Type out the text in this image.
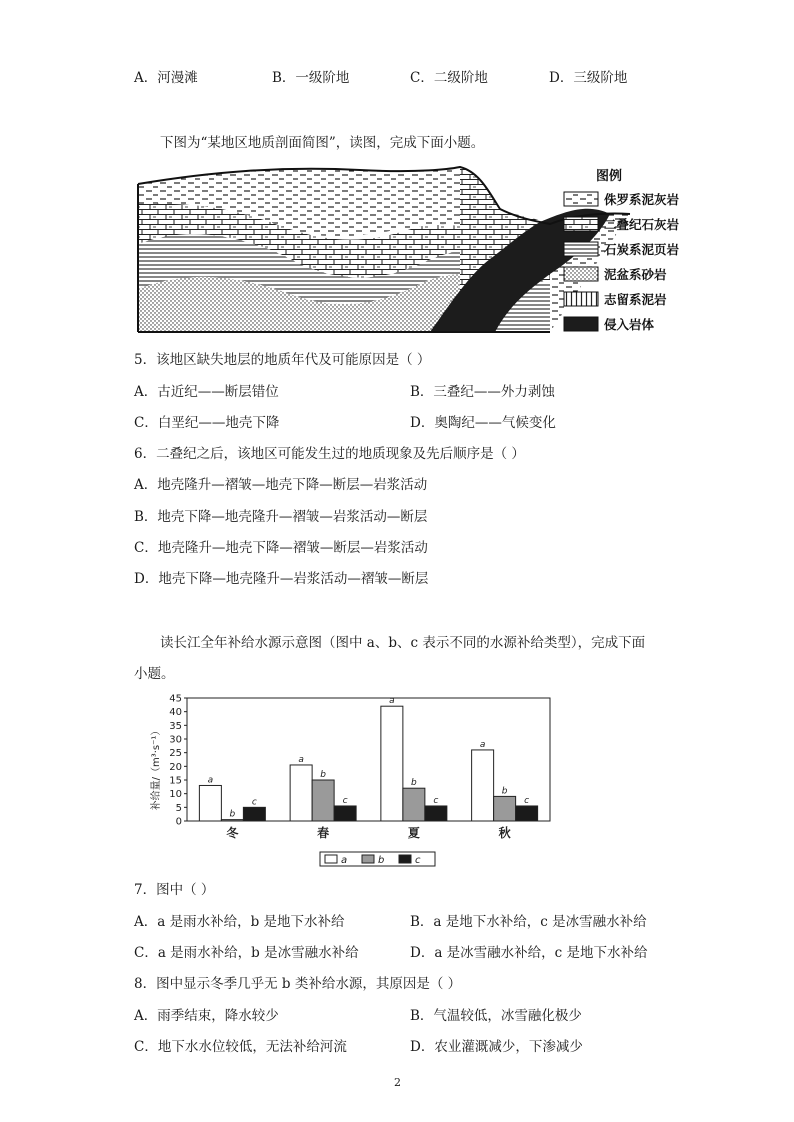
A．河漫滩	B．一级阶地	C．二级阶地	D．三级阶地
下图为“某地区地质剖面简图”，读图，完成下面小题。
图例
侏罗系泥灰岩
二叠纪石灰岩
石炭系泥页岩
泥盆系砂岩
志留系泥岩
侵入岩体
5．该地区缺失地层的地质年代及可能原因是（ ）
A．古近纪——断层错位	B．三叠纪——外力剥蚀
C．白垩纪——地壳下降	D．奥陶纪——气候变化
6．二叠纪之后，该地区可能发生过的地质现象及先后顺序是（ ）
A．地壳隆升—褶皱—地壳下降—断层—岩浆活动
B．地壳下降—地壳隆升—褶皱—岩浆活动—断层
C．地壳隆升—地壳下降—褶皱—断层—岩浆活动
D．地壳下降—地壳隆升—岩浆活动—褶皱—断层
读长江全年补给水源示意图（图中 a、b、c 表示不同的水源补给类型），完成下面
小题。
补给量/（m³·s⁻¹）
0
5
10
15
20
25
30
35
40
45
a
b
c
a
b
c
a
b
c
a
b
c
冬	春	夏	秋
a	b	c
7．图中（ ）
A．a 是雨水补给，b 是地下水补给	B．a 是地下水补给，c 是冰雪融水补给
C．a 是雨水补给，b 是冰雪融水补给	D．a 是冰雪融水补给，c 是地下水补给
8．图中显示冬季几乎无 b 类补给水源，其原因是（ ）
A．雨季结束，降水较少	B．气温较低，冰雪融化极少
C．地下水水位较低，无法补给河流	D．农业灌溉减少，下渗减少
2
